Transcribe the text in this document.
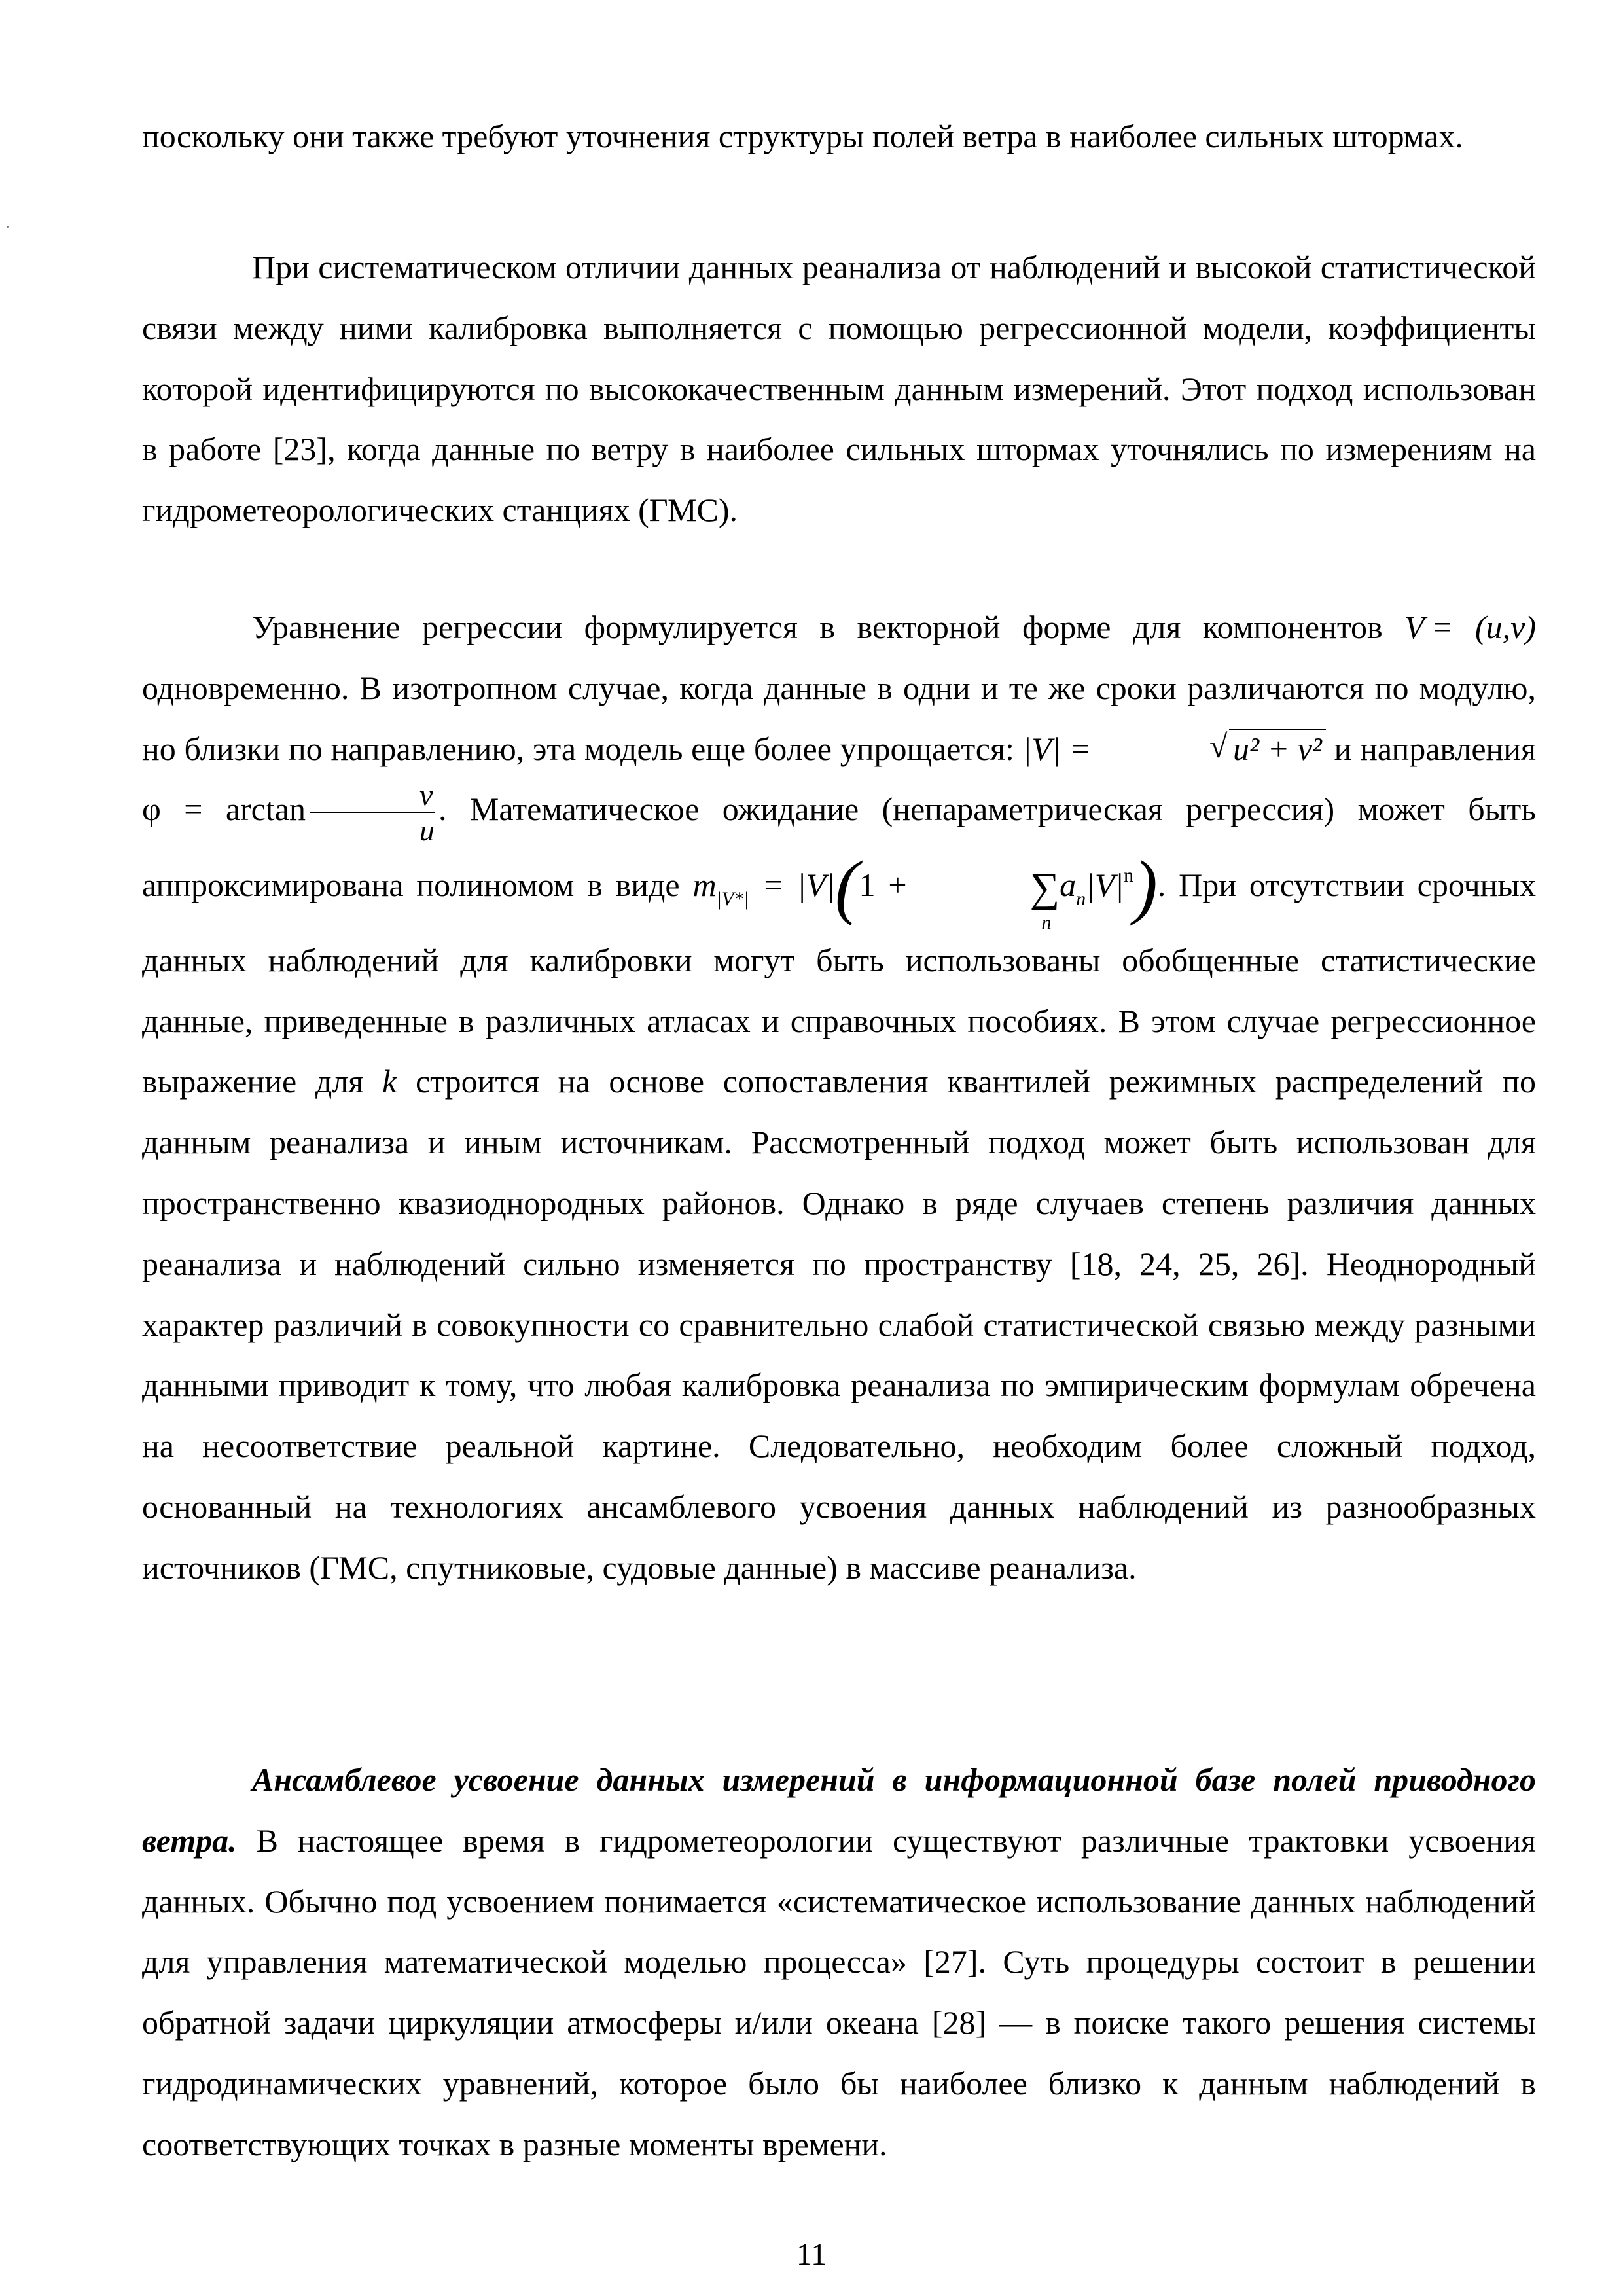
поскольку они также требуют уточнения структуры полей ветра в наиболее сильных штормах.

При систематическом отличии данных реанализа от наблюдений и высокой статистической связи между ними калибровка выполняется с помощью регрессионной модели, коэффициенты которой идентифицируются по высококачественным данным измерений. Этот подход использован в работе [23], когда данные по ветру в наиболее сильных штормах уточнялись по измерениям на гидрометеорологических станциях (ГМС).

Уравнение регрессии формулируется в векторной форме для компонентов V  = (u,v) одновременно. В изотропном случае, когда данные в одни и те же сроки различаются по модулю, но близки по направлению, эта модель еще более упрощается: |V| =	√ u² + v² и направления $\varphi = \arctan \frac{v}{u}$ . Математическое ожидание (непараметрическая регрессия) может быть аппроксимирована полиномом в виде $m_{|V*|} = |V|(1$ +	∑
n
$a_n|V|^n$). При отсутствии срочных данных наблюдений для калибровки могут быть использованы обобщенные статистические данные, приведенные в различных атласах и справочных пособиях. В этом случае регрессионное выражение для k строится на основе сопоставления квантилей режимных распределений по данным реанализа и иным источникам. Рассмотренный подход может быть использован для пространственно квазиоднородных районов. Однако в ряде случаев степень различия данных реанализа и наблюдений сильно изменяется по пространству [18, 24, 25, 26]. Неоднородный характер различий в совокупности со сравнительно слабой статистической связью между разными данными приводит к тому, что любая калибровка реанализа по эмпирическим формулам обречена на несоответствие реальной картине. Следовательно, необходим более сложный подход, основанный на технологиях ансамблевого усвоения данных наблюдений из разнообразных источников (ГМС, спутниковые, судовые данные) в массиве реанализа.
Ансамблевое усвоение данных измерений в информационной базе полей приводного ветра. В настоящее время в гидрометеорологии существуют различные трактовки усвоения данных. Обычно под усвоением понимается «систематическое использование данных наблюдений для управления математической моделью процесса» [27]. Суть процедуры состоит в решении обратной задачи циркуляции атмосферы и/или океана [28] — в поиске такого решения системы гидродинамических уравнений, которое было бы наиболее близко к данным наблюдений в соответствующих точках в разные моменты времени.
11
